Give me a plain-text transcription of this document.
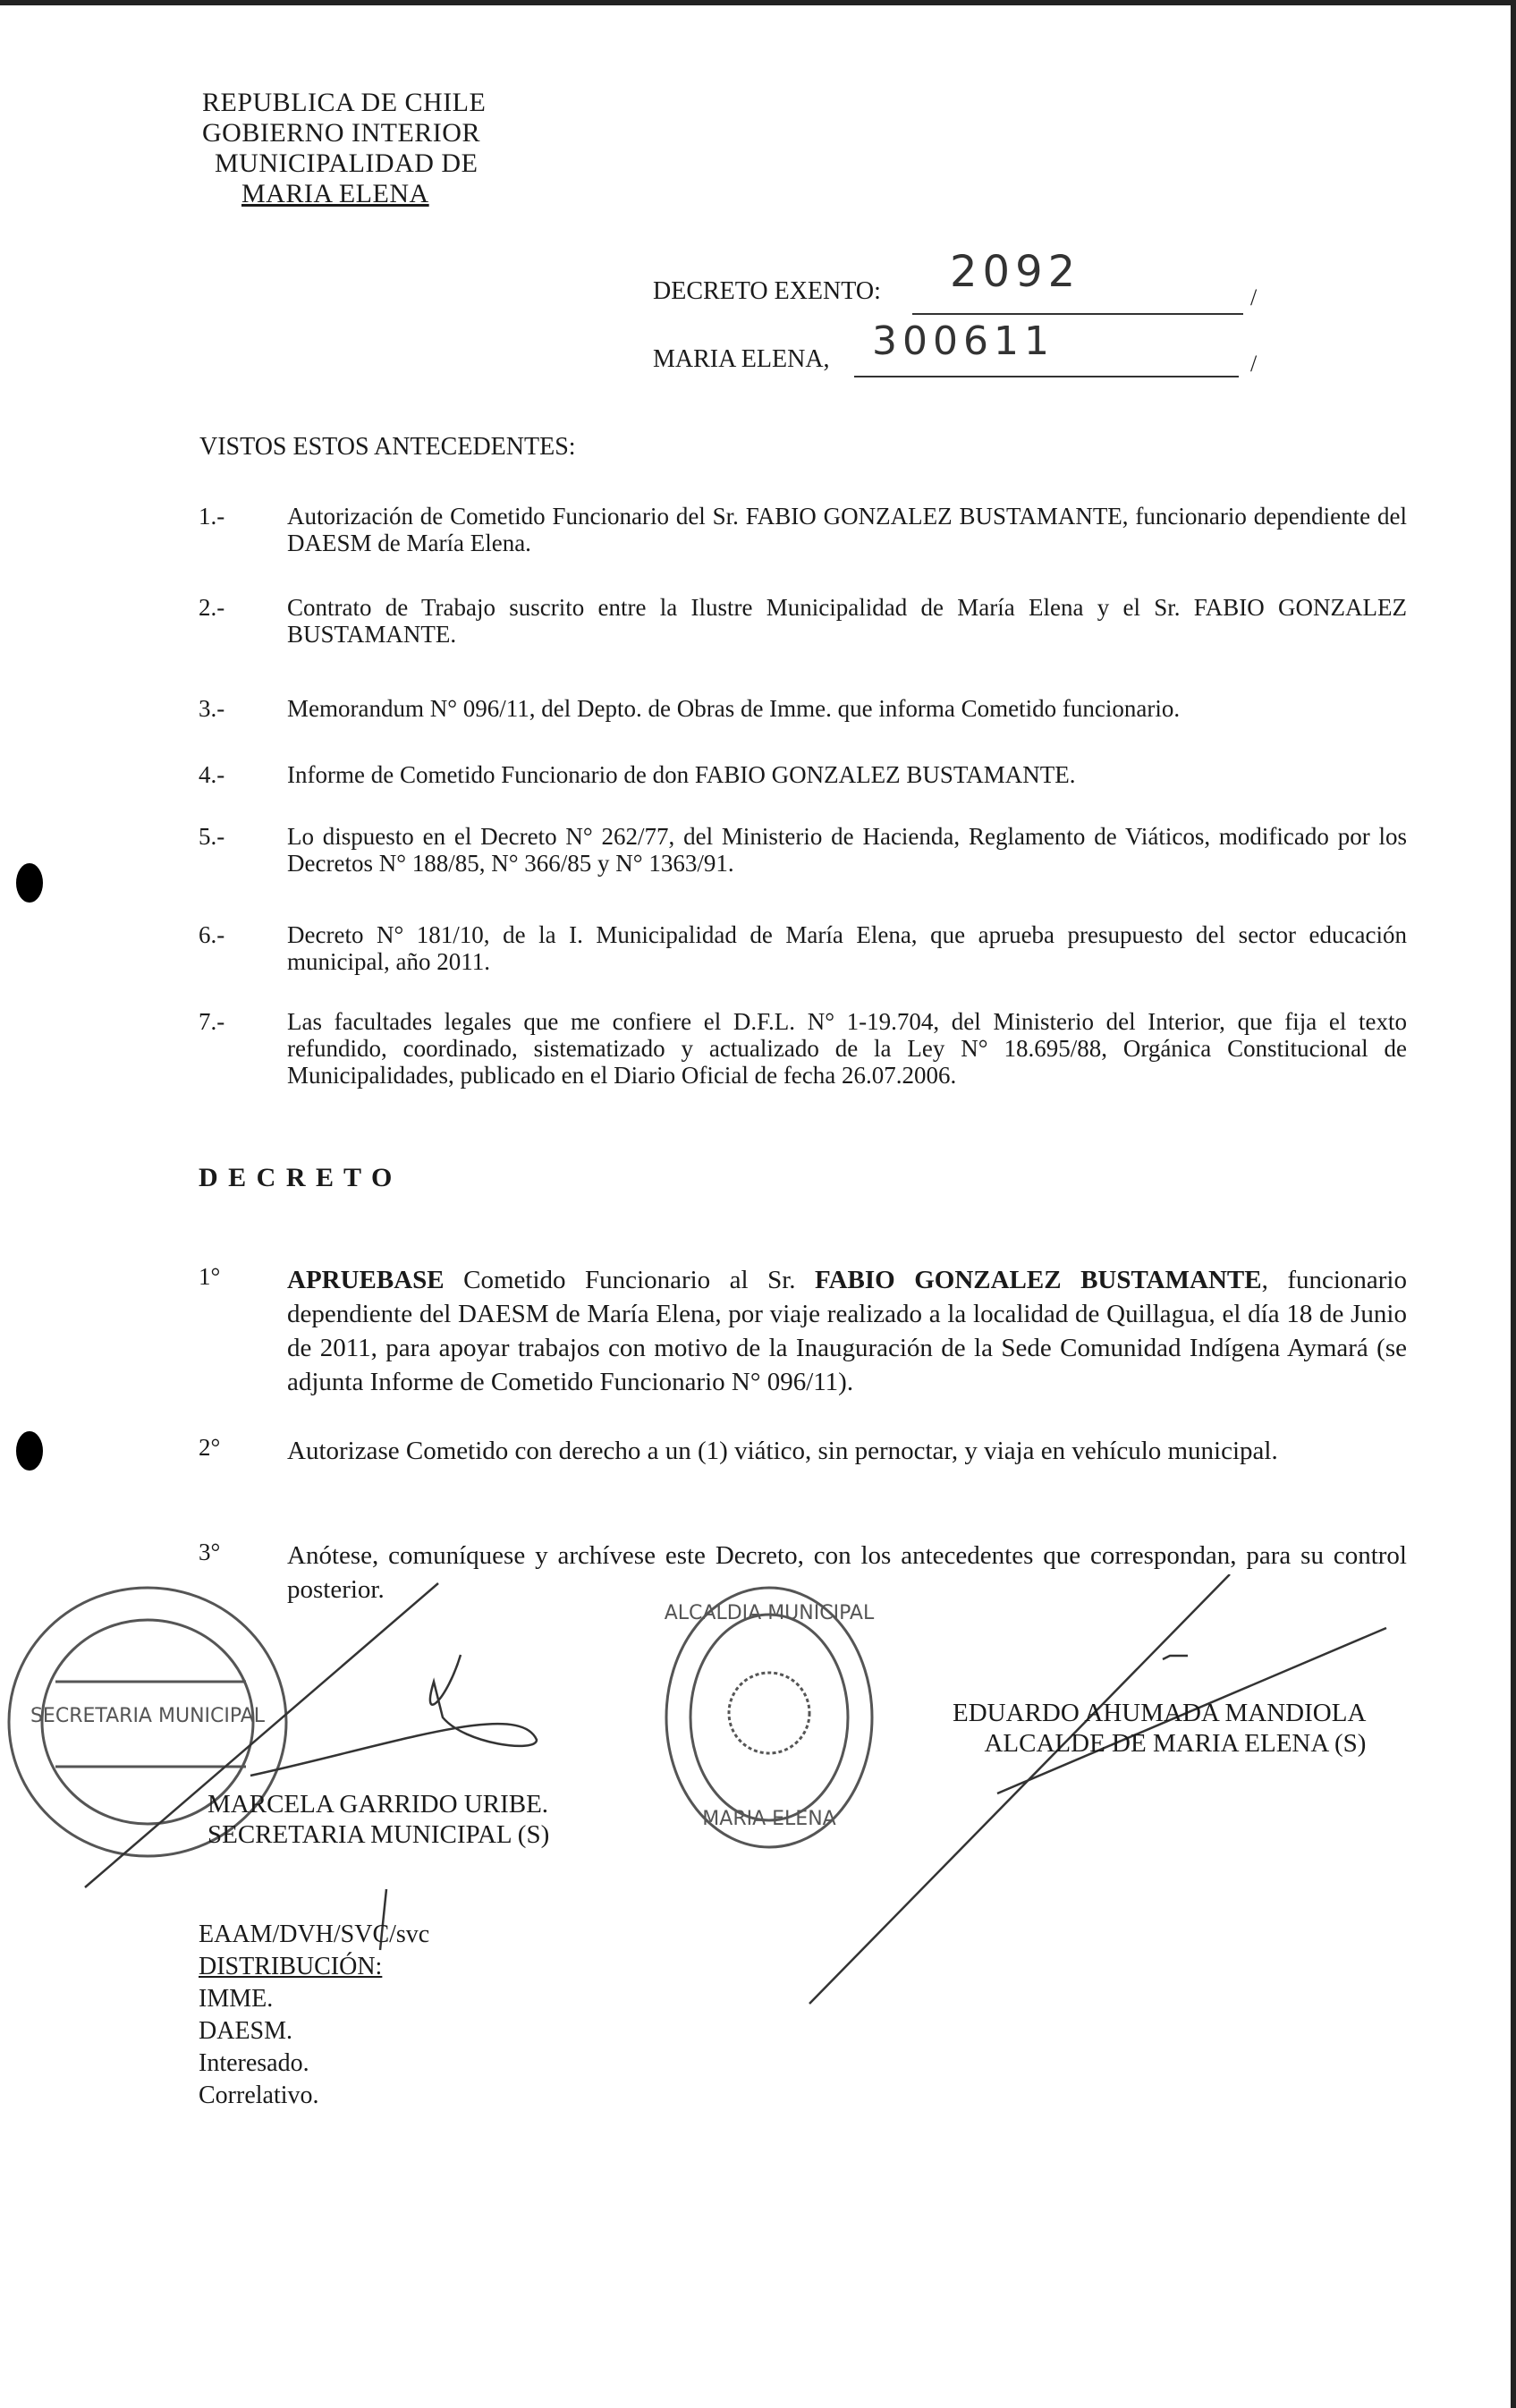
REPUBLICA DE CHILE
GOBIERNO INTERIOR
MUNICIPALIDAD DE
MARIA ELENA
DECRETO EXENTO: 2092
/
MARIA ELENA, 300611	/
VISTOS ESTOS ANTECEDENTES:
1.-	Autorización de Cometido Funcionario del Sr. FABIO GONZALEZ BUSTAMANTE, funcionario dependiente del DAESM de María Elena.
2.-	Contrato de Trabajo suscrito entre la Ilustre Municipalidad de María Elena y el Sr. FABIO GONZALEZ BUSTAMANTE.
3.-	Memorandum N° 096/11, del Depto. de Obras de Imme. que informa Cometido funcionario.
4.-	Informe de Cometido Funcionario de don FABIO GONZALEZ BUSTAMANTE.
5.-	Lo dispuesto en el Decreto N° 262/77, del Ministerio de Hacienda, Reglamento de Viáticos, modificado por los Decretos N° 188/85, N° 366/85 y N° 1363/91.
6.-	Decreto N° 181/10, de la I. Municipalidad de María Elena, que aprueba presupuesto del sector educación municipal, año 2011.
7.-	Las facultades legales que me confiere el D.F.L. N° 1-19.704, del Ministerio del Interior, que fija el texto refundido, coordinado, sistematizado y actualizado de la Ley N° 18.695/88, Orgánica Constitucional de Municipalidades, publicado en el Diario Oficial de fecha 26.07.2006.
D E C R E T O
1°	APRUEBASE Cometido Funcionario al Sr. FABIO GONZALEZ BUSTAMANTE, funcionario dependiente del DAESM de María Elena, por viaje realizado a la localidad de Quillagua, el día 18 de Junio de 2011, para apoyar trabajos con motivo de la Inauguración de la Sede Comunidad Indígena Aymará (se adjunta Informe de Cometido Funcionario N° 096/11).
2°	Autorizase Cometido con derecho a un (1) viático, sin pernoctar, y viaja en vehículo municipal.
3°	Anótese, comuníquese y archívese este Decreto, con los antecedentes que correspondan, para su control posterior.
SECRETARIA MUNICIPAL
ALCALDIA MUNICIPAL
MARIA ELENA
MARCELA GARRIDO URIBE.
SECRETARIA MUNICIPAL (S)
EDUARDO AHUMADA MANDIOLA
ALCALDE DE MARIA ELENA (S)
EAAM/DVH/SVC/svc
DISTRIBUCIÓN:
IMME.
DAESM.
Interesado.
Correlativo.
